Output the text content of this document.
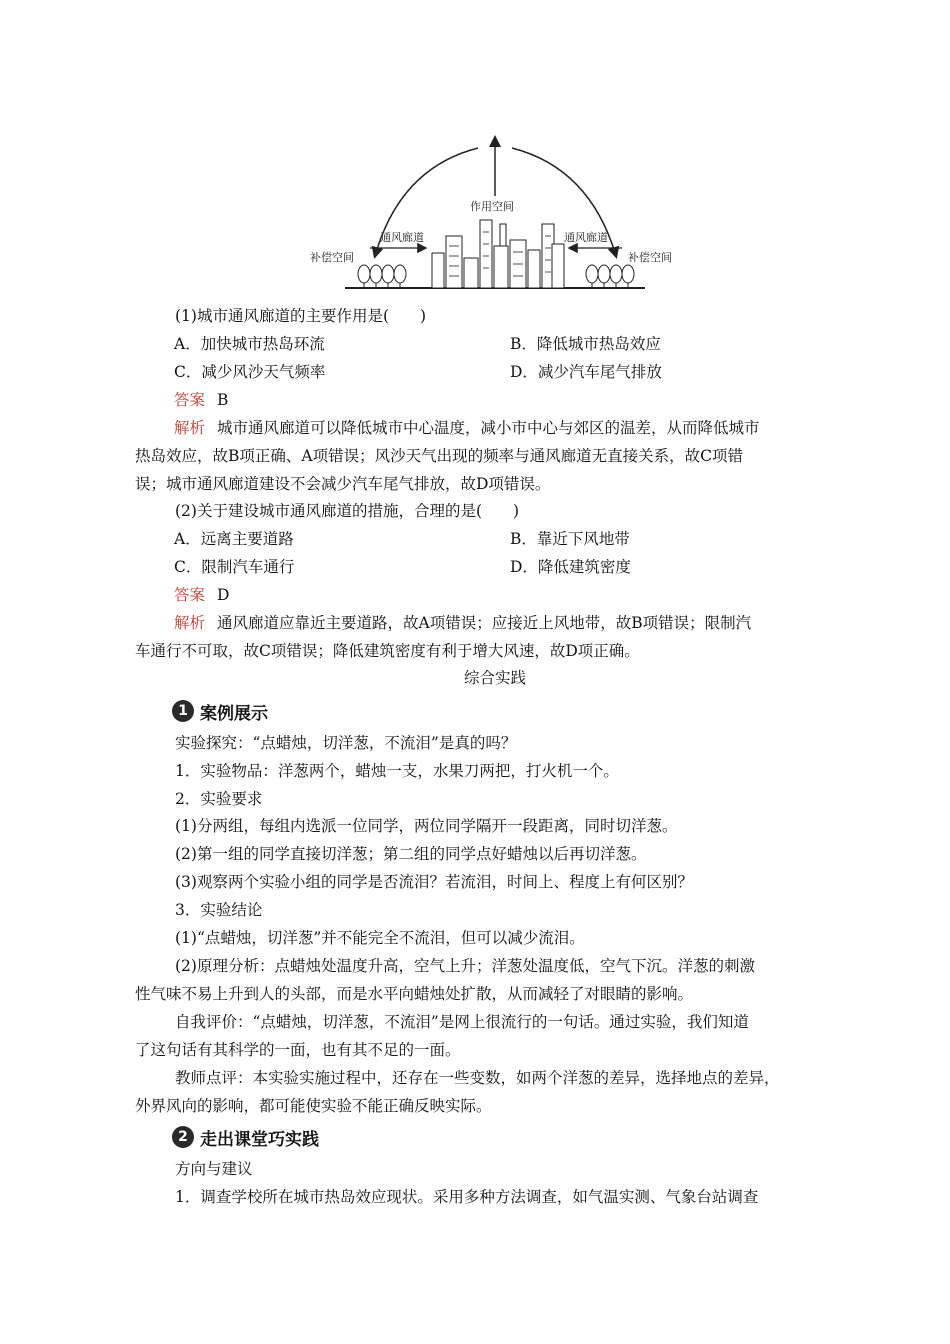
作用空间
通风廊道	通风廊道
补偿空间	补偿空间
(1)城市通风廊道的主要作用是(　　)
A．加快城市热岛环流	B．降低城市热岛效应
C．减少风沙天气频率	D．减少汽车尾气排放
答案 B
解析 城市通风廊道可以降低城市中心温度，减小市中心与郊区的温差，从而降低城市
热岛效应，故B项正确、A项错误；风沙天气出现的频率与通风廊道无直接关系，故C项错
误；城市通风廊道建设不会减少汽车尾气排放，故D项错误。
(2)关于建设城市通风廊道的措施，合理的是(　　)
A．远离主要道路	B．靠近下风地带
C．限制汽车通行	D．降低建筑密度
答案 D
解析 通风廊道应靠近主要道路，故A项错误；应接近上风地带，故B项错误；限制汽
车通行不可取，故C项错误；降低建筑密度有利于增大风速，故D项正确。
综合实践
1 案例展示
实验探究：“点蜡烛，切洋葱，不流泪”是真的吗？
1．实验物品：洋葱两个，蜡烛一支，水果刀两把，打火机一个。
2．实验要求
(1)分两组，每组内选派一位同学，两位同学隔开一段距离，同时切洋葱。
(2)第一组的同学直接切洋葱；第二组的同学点好蜡烛以后再切洋葱。
(3)观察两个实验小组的同学是否流泪？若流泪，时间上、程度上有何区别？
3．实验结论
(1)“点蜡烛，切洋葱”并不能完全不流泪，但可以减少流泪。
(2)原理分析：点蜡烛处温度升高，空气上升；洋葱处温度低，空气下沉。洋葱的刺激
性气味不易上升到人的头部，而是水平向蜡烛处扩散，从而减轻了对眼睛的影响。
自我评价：“点蜡烛，切洋葱，不流泪”是网上很流行的一句话。通过实验，我们知道
了这句话有其科学的一面，也有其不足的一面。
教师点评：本实验实施过程中，还存在一些变数，如两个洋葱的差异，选择地点的差异，
外界风向的影响，都可能使实验不能正确反映实际。
2 走出课堂巧实践
方向与建议
1．调查学校所在城市热岛效应现状。采用多种方法调查，如气温实测、气象台站调查
